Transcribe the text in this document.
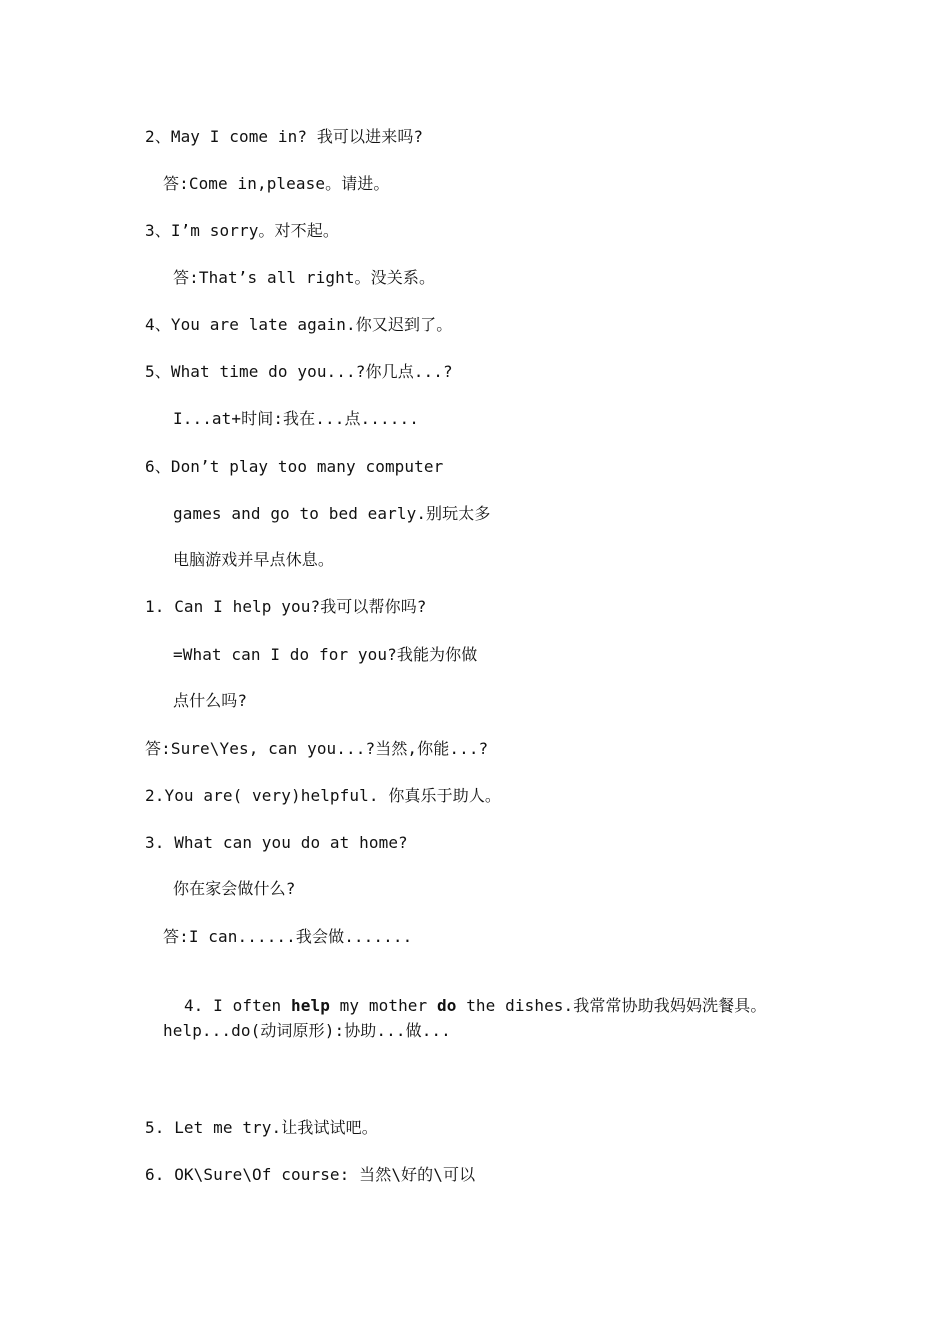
2、May I come in? 我可以进来吗?
答:Come in,please。请进。
3、I’m sorry。对不起。
答:That’s all right。没关系。
4、You are late again.你又迟到了。
5、What time do you...?你几点...?
I...at+时间:我在...点......
6、Don’t play too many computer
games and go to bed early.别玩太多
电脑游戏并早点休息。
1. Can I help you?我可以帮你吗?
=What can I do for you?我能为你做
点什么吗?
答:Sure\Yes, can you...?当然,你能...?
2.You are( very)helpful. 你真乐于助人。
3. What can you do at home?
你在家会做什么?
答:I can......我会做.......

4. I often help my mother do the dishes.我常常协助我妈妈洗餐具。

help...do(动词原形):协助...做...
5. Let me try.让我试试吧。
6. OK\Sure\Of course: 当然\好的\可以
